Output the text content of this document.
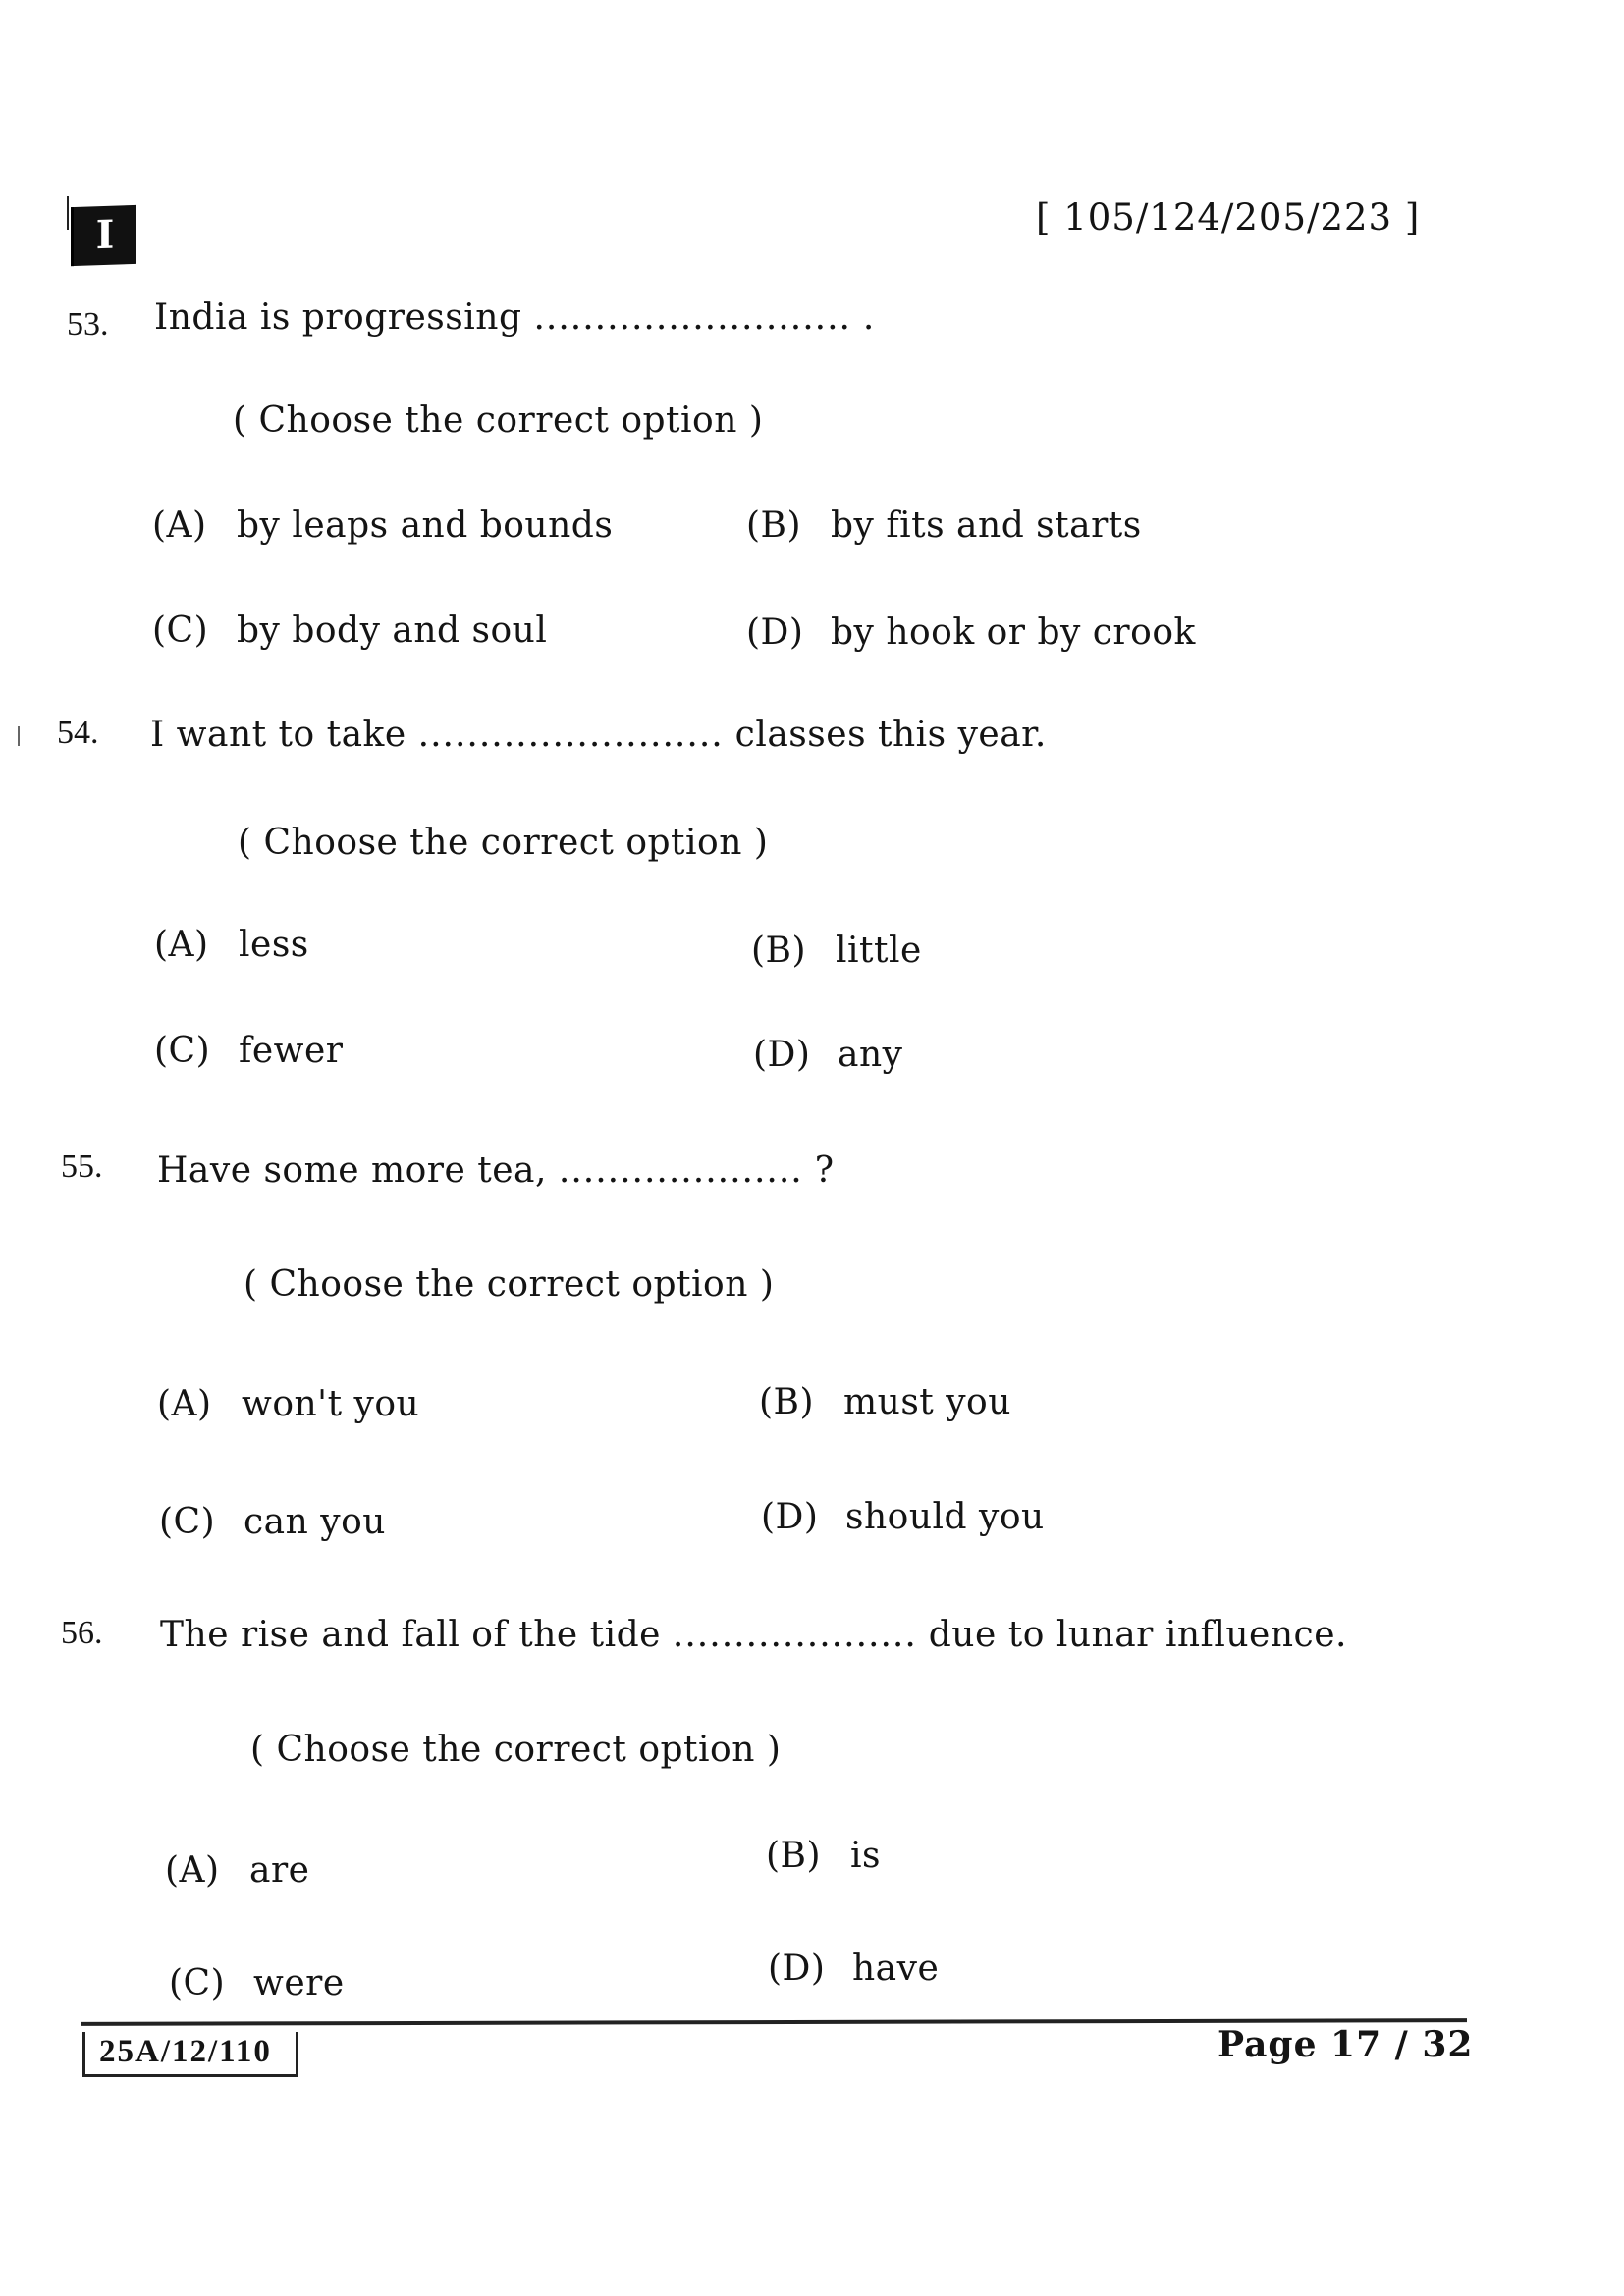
I	[ 105/124/205/223 ]
53. India is progressing .......................... .
( Choose the correct option )
(A) by leaps and bounds	(B) by fits and starts
(C) by body and soul	(D) by hook or by crook
54. I want to take ......................... classes this year.
( Choose the correct option )
(A) less	(B) little
(C) fewer	(D) any
55. Have some more tea, .................... ?
( Choose the correct option )
(A) won't you	(B) must you
(C) can you	(D) should you
56. The rise and fall of the tide .................... due to lunar influence.
( Choose the correct option )
(A) are	(B) is
(C) were	(D) have
25A/12/110	Page 17 / 32
